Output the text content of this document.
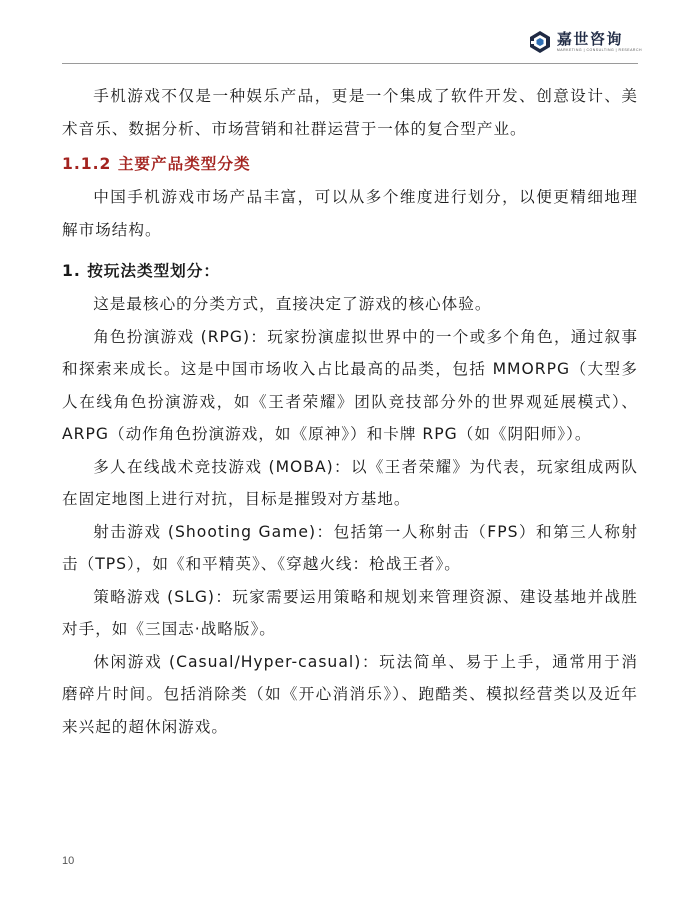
嘉世咨询
MARKETING | CONSULTING | RESEARCH

手机游戏不仅是一种娱乐产品，更是一个集成了软件开发、创意设计、美术音乐、数据分析、市场营销和社群运营于一体的复合型产业。

1.1.2 主要产品类型分类

中国手机游戏市场产品丰富，可以从多个维度进行划分，以便更精细地理解市场结构。

1. 按玩法类型划分：

这是最核心的分类方式，直接决定了游戏的核心体验。

角色扮演游戏 (RPG)：玩家扮演虚拟世界中的一个或多个角色，通过叙事和探索来成长。这是中国市场收入占比最高的品类，包括 MMORPG（大型多人在线角色扮演游戏，如《王者荣耀》团队竞技部分外的世界观延展模式）、ARPG（动作角色扮演游戏，如《原神》）和卡牌 RPG（如《阴阳师》）。

多人在线战术竞技游戏 (MOBA)：以《王者荣耀》为代表，玩家组成两队在固定地图上进行对抗，目标是摧毁对方基地。

射击游戏 (Shooting Game)：包括第一人称射击（FPS）和第三人称射击（TPS），如《和平精英》、《穿越火线：枪战王者》。

策略游戏 (SLG)：玩家需要运用策略和规划来管理资源、建设基地并战胜对手，如《三国志·战略版》。

休闲游戏 (Casual/Hyper-casual)：玩法简单、易于上手，通常用于消磨碎片时间。包括消除类（如《开心消消乐》）、跑酷类、模拟经营类以及近年来兴起的超休闲游戏。

10
